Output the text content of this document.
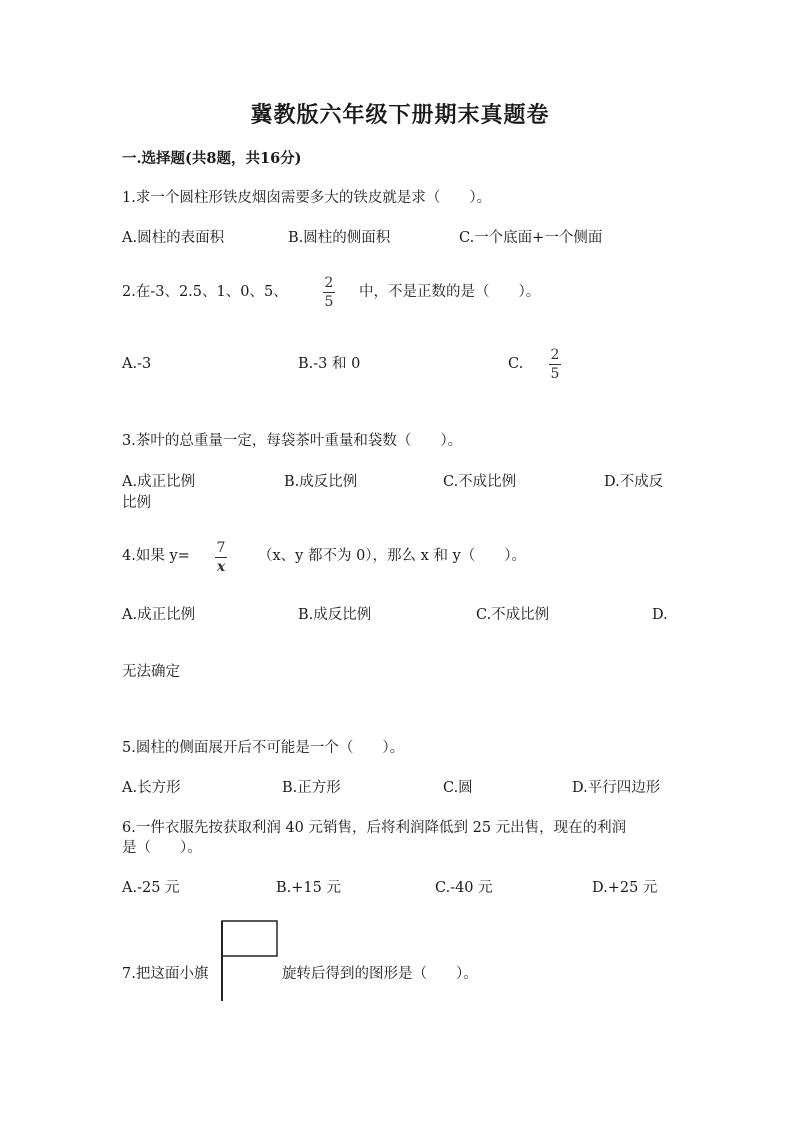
冀教版六年级下册期末真题卷
一.选择题(共8题，共16分)
1.求一个圆柱形铁皮烟囱需要多大的铁皮就是求（　　）。
A.圆柱的表面积	B.圆柱的侧面积	C.一个底面+一个侧面
2.在-3、2.5、1、0、5、
2
5
中，不是正数的是（　　）。
A.-3	B.-3 和 0	C.
2
5
3.茶叶的总重量一定，每袋茶叶重量和袋数（　　）。
A.成正比例	B.成反比例	C.不成比例	D.不成反
比例
4.如果 y= 7
x
（x、y 都不为 0），那么 x 和 y（　　）。
A.成正比例	B.成反比例	C.不成比例	D.
无法确定
5.圆柱的侧面展开后不可能是一个（　　）。
A.长方形	B.正方形	C.圆	D.平行四边形
6.一件衣服先按获取利润 40 元销售，后将利润降低到 25 元出售，现在的利润
是（　　）。
A.-25 元	B.+15 元	C.-40 元	D.+25 元
7.把这面小旗	旋转后得到的图形是（　　）。
